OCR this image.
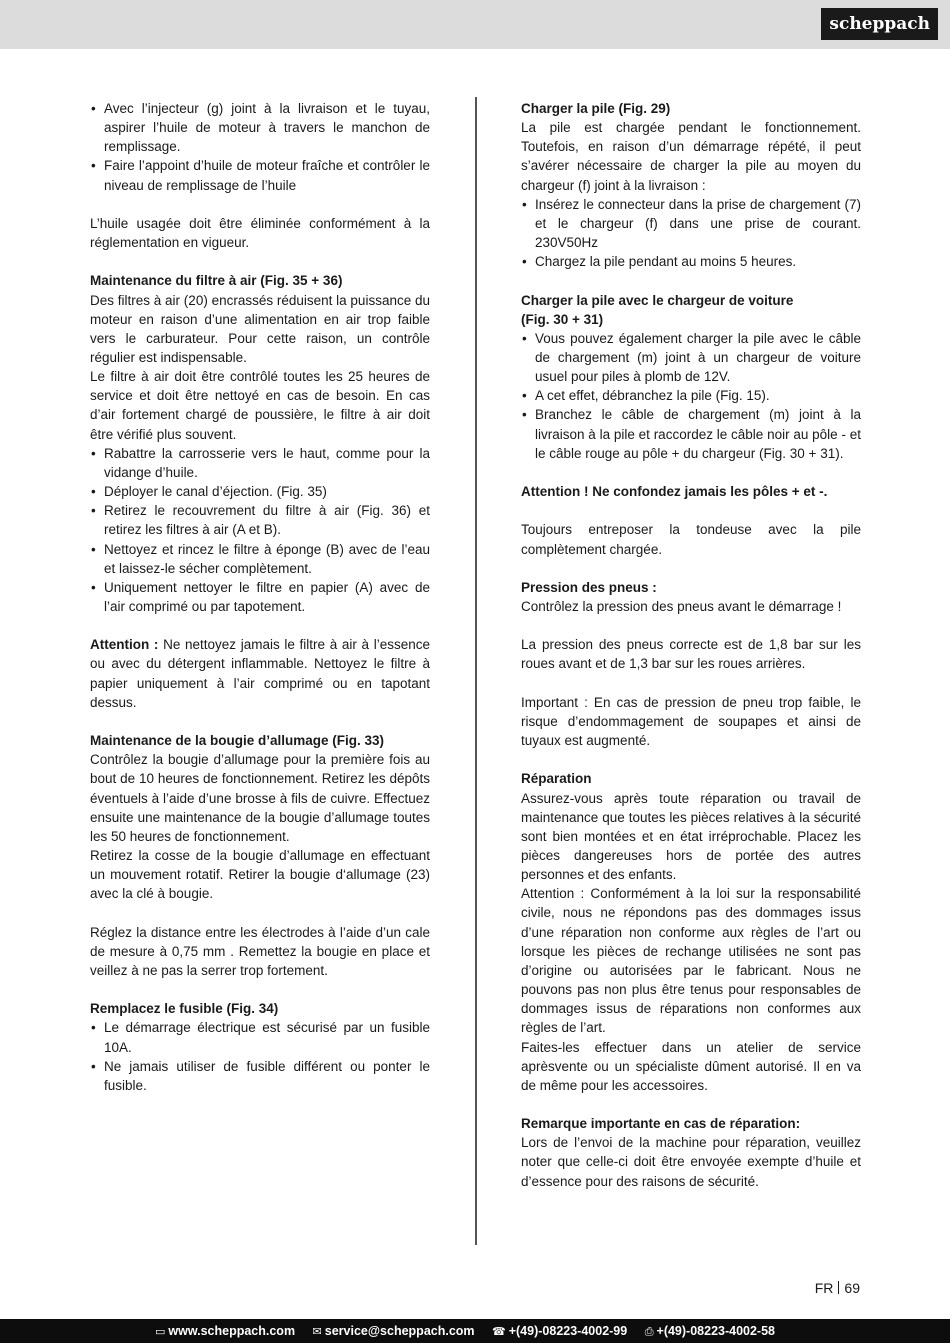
scheppach
• Avec l’injecteur (g) joint à la livraison et le tuyau, aspirer l’huile de moteur à travers le manchon de remplissage.
• Faire l’appoint d’huile de moteur fraîche et contrôler le niveau de remplissage de l’huile

L’huile usagée doit être éliminée conformément à la réglementation en vigueur.

Maintenance du filtre à air (Fig. 35 + 36)

Des filtres à air (20) encrassés réduisent la puissance du moteur en raison d’une alimentation en air trop faible vers le carburateur. Pour cette raison, un contrôle régulier est indispensable.

Le filtre à air doit être contrôlé toutes les 25 heures de service et doit être nettoyé en cas de besoin. En cas d’air fortement chargé de poussière, le filtre à air doit être vérifié plus souvent.

• Rabattre la carrosserie vers le haut, comme pour la vidange d’huile.
• Déployer le canal d’éjection. (Fig. 35)
• Retirez le recouvrement du filtre à air (Fig. 36) et retirez les filtres à air (A et B).
• Nettoyez et rincez le filtre à éponge (B) avec de l’eau et laissez-le sécher complètement.
• Uniquement nettoyer le filtre en papier (A) avec de l’air comprimé ou par tapotement.

Attention : Ne nettoyez jamais le filtre à air à l’essence ou avec du détergent inflammable. Nettoyez le filtre à papier uniquement à l’air comprimé ou en tapotant dessus.

Maintenance de la bougie d’allumage (Fig. 33)

Contrôlez la bougie d’allumage pour la première fois au bout de 10 heures de fonctionnement. Retirez les dépôts éventuels à l’aide d’une brosse à fils de cuivre. Effectuez ensuite une maintenance de la bougie d’allumage toutes les 50 heures de fonctionnement.

Retirez la cosse de la bougie d’allumage en effectuant un mouvement rotatif. Retirer la bougie d‘allumage (23) avec la clé à bougie.

Réglez la distance entre les électrodes à l’aide d’un cale de mesure à 0,75 mm . Remettez la bougie en place et veillez à ne pas la serrer trop fortement.

Remplacez le fusible (Fig. 34)

• Le démarrage électrique est sécurisé par un fusible 10A.
• Ne jamais utiliser de fusible différent ou ponter le fusible.

Charger la pile (Fig. 29)

La pile est chargée pendant le fonctionnement. Toutefois, en raison d’un démarrage répété, il peut s’avérer nécessaire de charger la pile au moyen du chargeur (f) joint à la livraison :

• Insérez le connecteur dans la prise de chargement (7) et le chargeur (f) dans une prise de courant. 230V50Hz
• Chargez la pile pendant au moins 5 heures.

Charger la pile avec le chargeur de voiture

(Fig. 30 + 31)

• Vous pouvez également charger la pile avec le câble de chargement (m) joint à un chargeur de voiture usuel pour piles à plomb de 12V.
• A cet effet, débranchez la pile (Fig. 15).
• Branchez le câble de chargement (m) joint à la livraison à la pile et raccordez le câble noir au pôle - et le câble rouge au pôle + du chargeur (Fig. 30 + 31).

Attention ! Ne confondez jamais les pôles + et -.

Toujours entreposer la tondeuse avec la pile complètement chargée.

Pression des pneus :

Contrôlez la pression des pneus avant le démarrage !

La pression des pneus correcte est de 1,8 bar sur les roues avant et de 1,3 bar sur les roues arrières.

Important : En cas de pression de pneu trop faible, le risque d’endommagement de soupapes et ainsi de tuyaux est augmenté.

Réparation

Assurez-vous après toute réparation ou travail de maintenance que toutes les pièces relatives à la sécurité sont bien montées et en état irréprochable. Placez les pièces dangereuses hors de portée des autres personnes et des enfants.

Attention : Conformément à la loi sur la responsabilité civile, nous ne répondons pas des dommages issus d’une réparation non conforme aux règles de l’art ou lorsque les pièces de rechange utilisées ne sont pas d’origine ou autorisées par le fabricant. Nous ne pouvons pas non plus être tenus pour responsables de dommages issus de réparations non conformes aux règles de l’art.

Faites-les effectuer dans un atelier de service aprèsvente ou un spécialiste dûment autorisé. Il en va de même pour les accessoires.

Remarque importante en cas de réparation:

Lors de l’envoi de la machine pour réparation, veuillez noter que celle-ci doit être envoyée exempte d’huile et d’essence pour des raisons de sécurité.

FR 69
▭ www.scheppach.com ✉ service@scheppach.com ☎ +(49)-08223-4002-99 ⎙ +(49)-08223-4002-58
